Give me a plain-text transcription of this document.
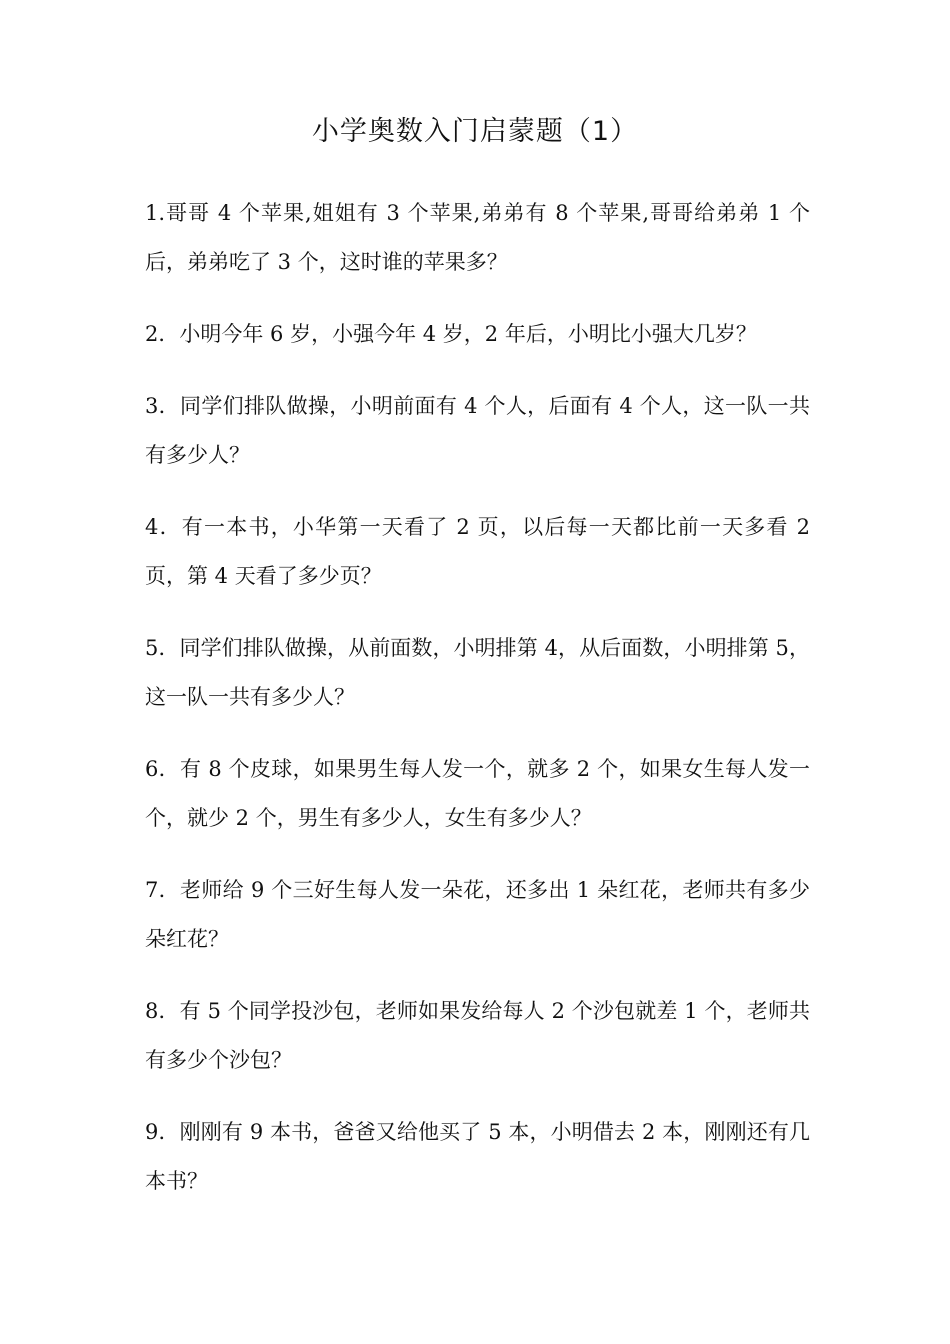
小学奥数入门启蒙题（1）

1.哥哥 4 个苹果,姐姐有 3 个苹果,弟弟有 8 个苹果,哥哥给弟弟 1 个后，弟弟吃了 3 个，这时谁的苹果多？

2．小明今年 6 岁，小强今年 4 岁，2 年后，小明比小强大几岁？

3．同学们排队做操，小明前面有 4 个人，后面有 4 个人，这一队一共有多少人？

4．有一本书，小华第一天看了 2 页，以后每一天都比前一天多看 2 页，第 4 天看了多少页？

5．同学们排队做操，从前面数，小明排第 4，从后面数，小明排第 5，这一队一共有多少人？

6．有 8 个皮球，如果男生每人发一个，就多 2 个，如果女生每人发一个，就少 2 个，男生有多少人，女生有多少人？

7．老师给 9 个三好生每人发一朵花，还多出 1 朵红花，老师共有多少朵红花？

8．有 5 个同学投沙包，老师如果发给每人 2 个沙包就差 1 个，老师共有多少个沙包？

9．刚刚有 9 本书，爸爸又给他买了 5 本，小明借去 2 本，刚刚还有几本书？
